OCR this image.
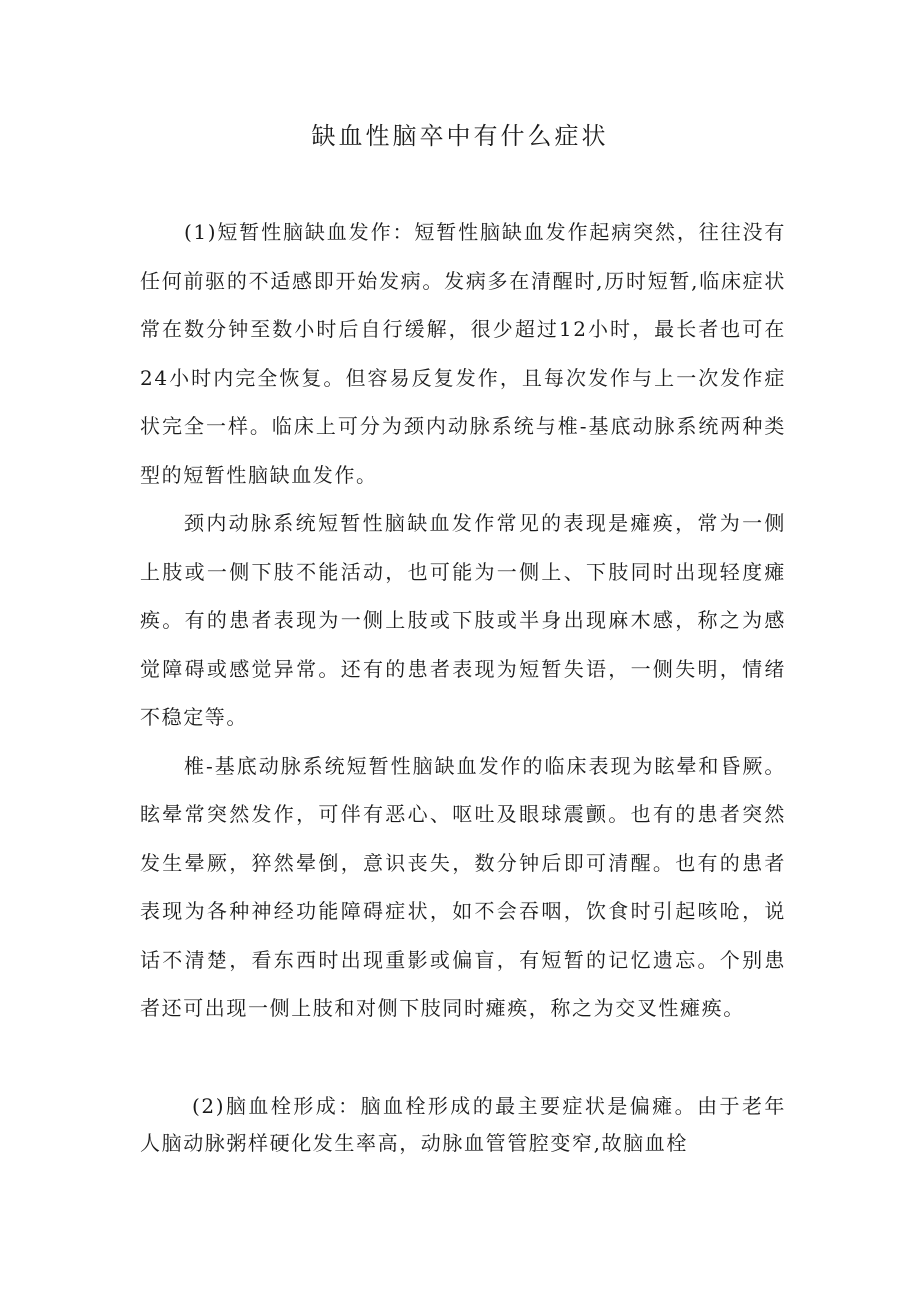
缺血性脑卒中有什么症状

(1)短暂性脑缺血发作：短暂性脑缺血发作起病突然，往往没有任何前驱的不适感即开始发病。发病多在清醒时,历时短暂,临床症状常在数分钟至数小时后自行缓解，很少超过12小时，最长者也可在24小时内完全恢复。但容易反复发作，且每次发作与上一次发作症状完全一样。临床上可分为颈内动脉系统与椎-基底动脉系统两种类型的短暂性脑缺血发作。

颈内动脉系统短暂性脑缺血发作常见的表现是瘫痪，常为一侧上肢或一侧下肢不能活动，也可能为一侧上、下肢同时出现轻度瘫痪。有的患者表现为一侧上肢或下肢或半身出现麻木感，称之为感觉障碍或感觉异常。还有的患者表现为短暂失语，一侧失明，情绪不稳定等。

椎-基底动脉系统短暂性脑缺血发作的临床表现为眩晕和昏厥。眩晕常突然发作，可伴有恶心、呕吐及眼球震颤。也有的患者突然发生晕厥，猝然晕倒，意识丧失，数分钟后即可清醒。也有的患者表现为各种神经功能障碍症状，如不会吞咽，饮食时引起咳呛，说话不清楚，看东西时出现重影或偏盲，有短暂的记忆遗忘。个别患者还可出现一侧上肢和对侧下肢同时瘫痪，称之为交叉性瘫痪。

(2)脑血栓形成：脑血栓形成的最主要症状是偏瘫。由于老年人脑动脉粥样硬化发生率高，动脉血管管腔变窄,故脑血栓
